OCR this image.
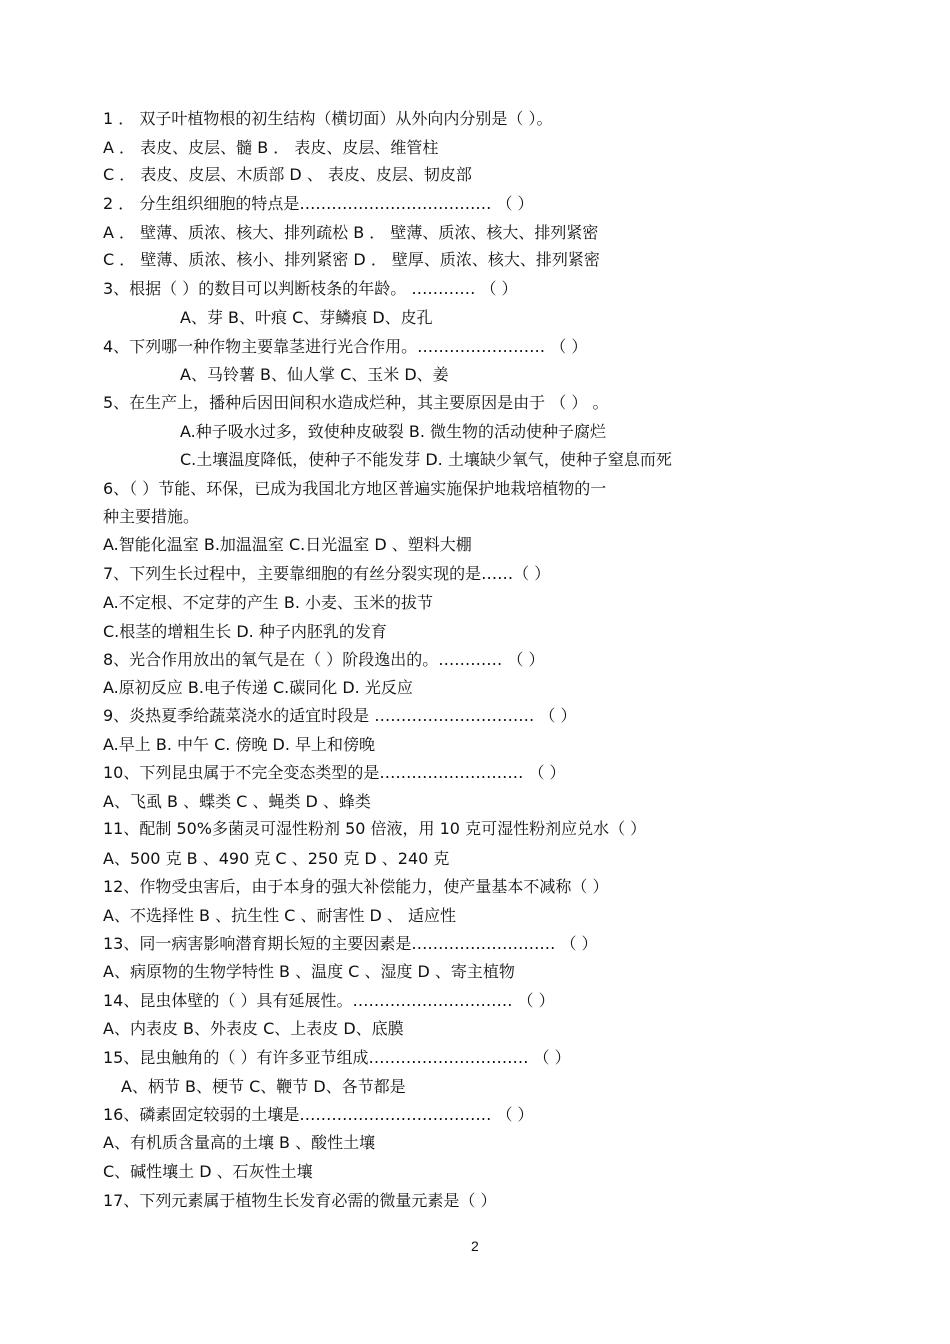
1 ． 双子叶植物根的初生结构（横切面）从外向内分别是（ ）。
A ． 表皮、皮层、髓 B ． 表皮、皮层、维管柱
C ． 表皮、皮层、木质部 D 、 表皮、皮层、韧皮部
2 ． 分生组织细胞的特点是……………………………… （ ）
A ． 壁薄、质浓、核大、排列疏松 B ． 壁薄、质浓、核大、排列紧密
C ． 壁薄、质浓、核小、排列紧密 D ． 壁厚、质浓、核大、排列紧密
3、根据（ ）的数目可以判断枝条的年龄。 ………… （ ）
A、芽 B、叶痕 C、芽鳞痕 D、皮孔
4、下列哪一种作物主要靠茎进行光合作用。…………………… （ ）
A、马铃薯 B、仙人掌 C、玉米 D、姜
5、在生产上，播种后因田间积水造成烂种，其主要原因是由于 （ ） 。
A.种子吸水过多，致使种皮破裂 B. 微生物的活动使种子腐烂
C.土壤温度降低，使种子不能发芽 D. 土壤缺少氧气，使种子窒息而死
6、（ ）节能、环保，已成为我国北方地区普遍实施保护地栽培植物的一
种主要措施。
A.智能化温室 B.加温温室 C.日光温室 D 、塑料大棚
7、下列生长过程中，主要靠细胞的有丝分裂实现的是……（ ）
A.不定根、不定芽的产生 B. 小麦、玉米的拔节
C.根茎的增粗生长 D. 种子内胚乳的发育
8、光合作用放出的氧气是在（ ）阶段逸出的。………… （ ）
A.原初反应 B.电子传递 C.碳同化 D. 光反应
9、炎热夏季给蔬菜浇水的适宜时段是 ………………………… （ ）
A.早上 B. 中午 C. 傍晚 D. 早上和傍晚
10、下列昆虫属于不完全变态类型的是……………………… （ ）
A、飞虱 B 、蝶类 C 、蝇类 D 、蜂类
11、配制 50%多菌灵可湿性粉剂 50 倍液，用 10 克可湿性粉剂应兑水（ ）
A、500 克 B 、490 克 C 、250 克 D 、240 克
12、作物受虫害后，由于本身的强大补偿能力，使产量基本不减称（ ）
A、不选择性 B 、抗生性 C 、耐害性 D 、 适应性
13、同一病害影响潜育期长短的主要因素是……………………… （ ）
A、病原物的生物学特性 B 、温度 C 、湿度 D 、寄主植物
14、昆虫体壁的（ ）具有延展性。………………………… （ ）
A、内表皮 B、外表皮 C、上表皮 D、底膜
15、昆虫触角的（ ）有许多亚节组成………………………… （ ）
A、柄节 B、梗节 C、鞭节 D、各节都是
16、磷素固定较弱的土壤是……………………………… （ ）
A、有机质含量高的土壤 B 、酸性土壤
C、碱性壤土 D 、石灰性土壤
17、下列元素属于植物生长发育必需的微量元素是（ ）
2
